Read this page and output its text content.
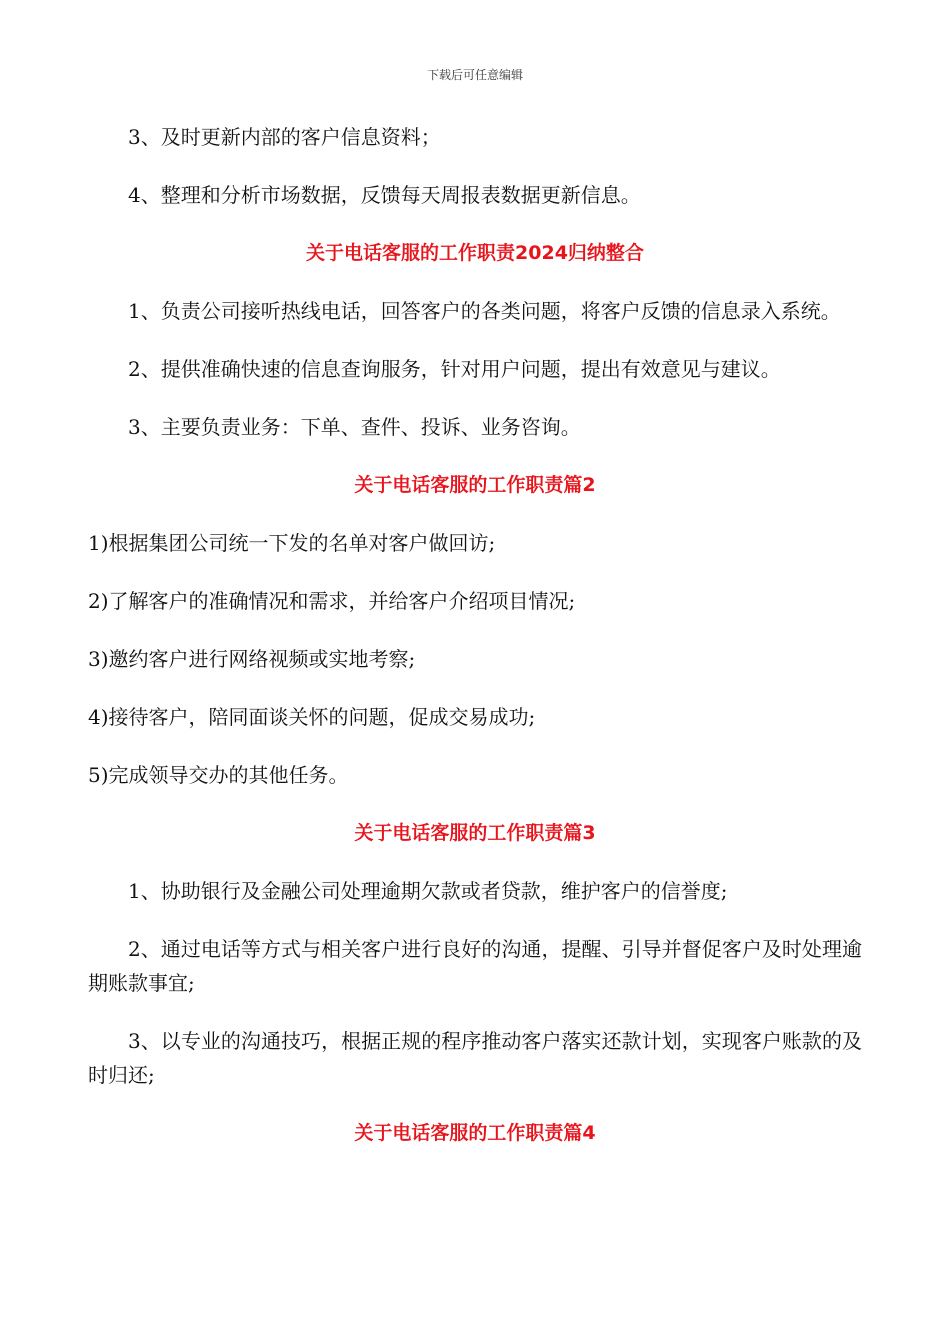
下载后可任意编辑

3、及时更新内部的客户信息资料；

4、整理和分析市场数据，反馈每天周报表数据更新信息。

关于电话客服的工作职责2024归纳整合

1、负责公司接听热线电话，回答客户的各类问题，将客户反馈的信息录入系统。

2、提供准确快速的信息查询服务，针对用户问题，提出有效意见与建议。

3、主要负责业务：下单、查件、投诉、业务咨询。

关于电话客服的工作职责篇2

1)根据集团公司统一下发的名单对客户做回访;

2)了解客户的准确情况和需求，并给客户介绍项目情况;

3)邀约客户进行网络视频或实地考察;

4)接待客户，陪同面谈关怀的问题，促成交易成功;

5)完成领导交办的其他任务。

关于电话客服的工作职责篇3

1、协助银行及金融公司处理逾期欠款或者贷款，维护客户的信誉度;

2、通过电话等方式与相关客户进行良好的沟通，提醒、引导并督促客户及时处理逾期账款事宜;

3、以专业的沟通技巧，根据正规的程序推动客户落实还款计划，实现客户账款的及时归还;

关于电话客服的工作职责篇4
